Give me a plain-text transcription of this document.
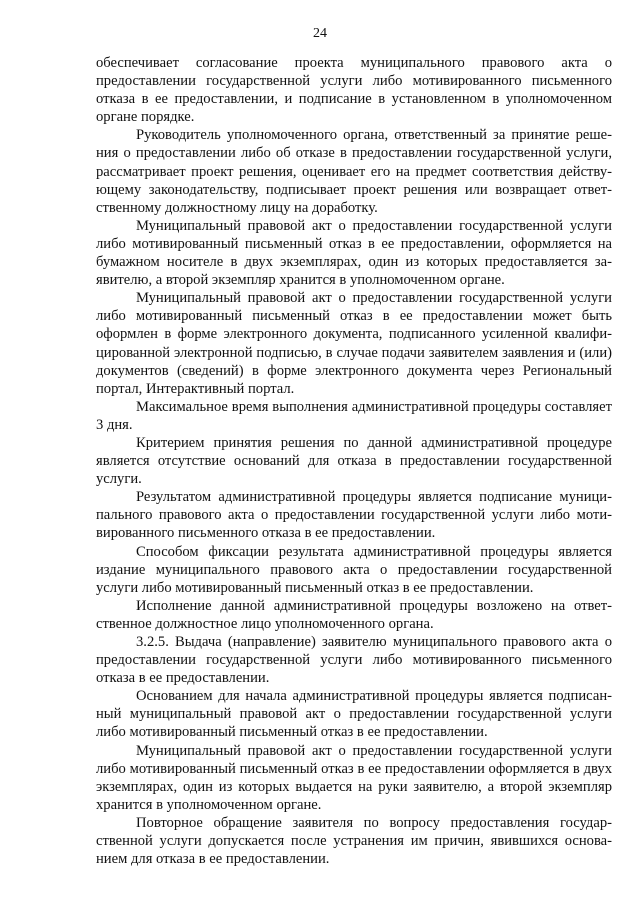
24

обеспечивает согласование проекта муниципального правового акта о предоставлении государственной услуги либо мотивированного письменного отказа в ее предоставлении, и подписание в установленном в уполномоченном органе порядке.

Руководитель уполномоченного органа, ответственный за принятие решения о предоставлении либо об отказе в предоставлении государственной услуги, рассматривает проект решения, оценивает его на предмет соответствия действующему законодательству, подписывает проект решения или возвращает ответственному должностному лицу на доработку.

Муниципальный правовой акт о предоставлении государственной услуги либо мотивированный письменный отказ в ее предоставлении, оформляется на бумажном носителе в двух экземплярах, один из которых предоставляется заявителю, а второй экземпляр хранится в уполномоченном органе.

Муниципальный правовой акт о предоставлении государственной услуги либо мотивированный письменный отказ в ее предоставлении может быть оформлен в форме электронного документа, подписанного усиленной квалифицированной электронной подписью, в случае подачи заявителем заявления и (или) документов (сведений) в форме электронного документа через Региональный портал, Интерактивный портал.

Максимальное время выполнения административной процедуры составляет 3 дня.

Критерием принятия решения по данной административной процедуре является отсутствие оснований для отказа в предоставлении государственной услуги.

Результатом административной процедуры является подписание муниципального правового акта о предоставлении государственной услуги либо мотивированного письменного отказа в ее предоставлении.

Способом фиксации результата административной процедуры является издание муниципального правового акта о предоставлении государственной услуги либо мотивированный письменный отказ в ее предоставлении.

Исполнение данной административной процедуры возложено на ответственное должностное лицо уполномоченного органа.

3.2.5. Выдача (направление) заявителю муниципального правового акта о предоставлении государственной услуги либо мотивированного письменного отказа в ее предоставлении.

Основанием для начала административной процедуры является подписанный муниципальный правовой акт о предоставлении государственной услуги либо мотивированный письменный отказ в ее предоставлении.

Муниципальный правовой акт о предоставлении государственной услуги либо мотивированный письменный отказ в ее предоставлении оформляется в двух экземплярах, один из которых выдается на руки заявителю, а второй экземпляр хранится в уполномоченном органе.

Повторное обращение заявителя по вопросу предоставления государственной услуги допускается после устранения им причин, явившихся основанием для отказа в ее предоставлении.
